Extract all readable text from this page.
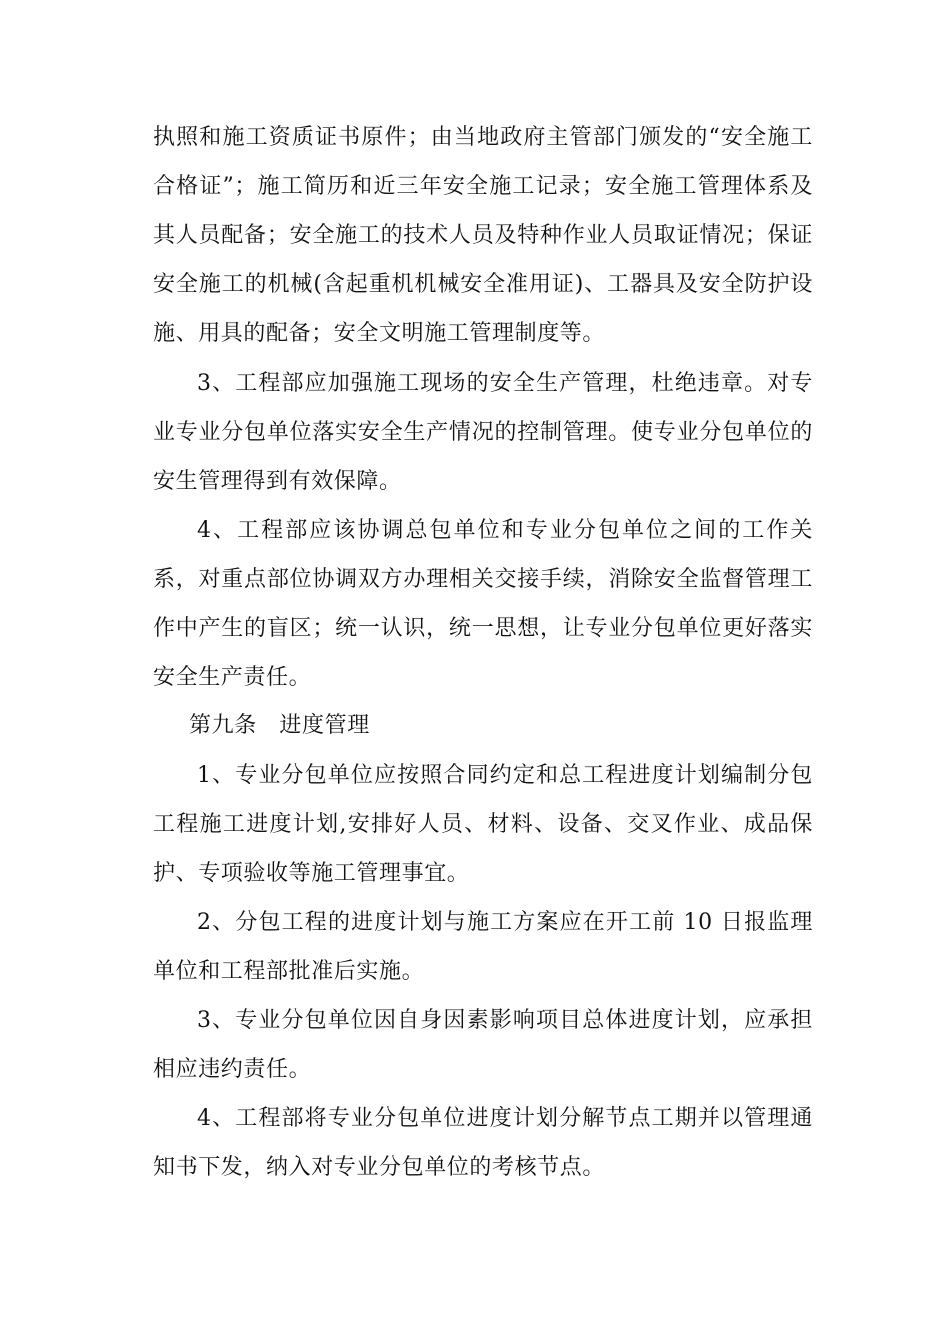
执照和施工资质证书原件；由当地政府主管部门颁发的“安全施工合格证”；施工简历和近三年安全施工记录；安全施工管理体系及其人员配备；安全施工的技术人员及特种作业人员取证情况；保证安全施工的机械(含起重机机械安全准用证)、工器具及安全防护设施、用具的配备；安全文明施工管理制度等。

3、工程部应加强施工现场的安全生产管理，杜绝违章。对专业专业分包单位落实安全生产情况的控制管理。使专业分包单位的安生管理得到有效保障。

4、工程部应该协调总包单位和专业分包单位之间的工作关系，对重点部位协调双方办理相关交接手续，消除安全监督管理工作中产生的盲区；统一认识，统一思想，让专业分包单位更好落实安全生产责任。

第九条　进度管理

1、专业分包单位应按照合同约定和总工程进度计划编制分包工程施工进度计划,安排好人员、材料、设备、交叉作业、成品保护、专项验收等施工管理事宜。

2、分包工程的进度计划与施工方案应在开工前 10 日报监理单位和工程部批准后实施。

3、专业分包单位因自身因素影响项目总体进度计划，应承担相应违约责任。

4、工程部将专业分包单位进度计划分解节点工期并以管理通知书下发，纳入对专业分包单位的考核节点。
